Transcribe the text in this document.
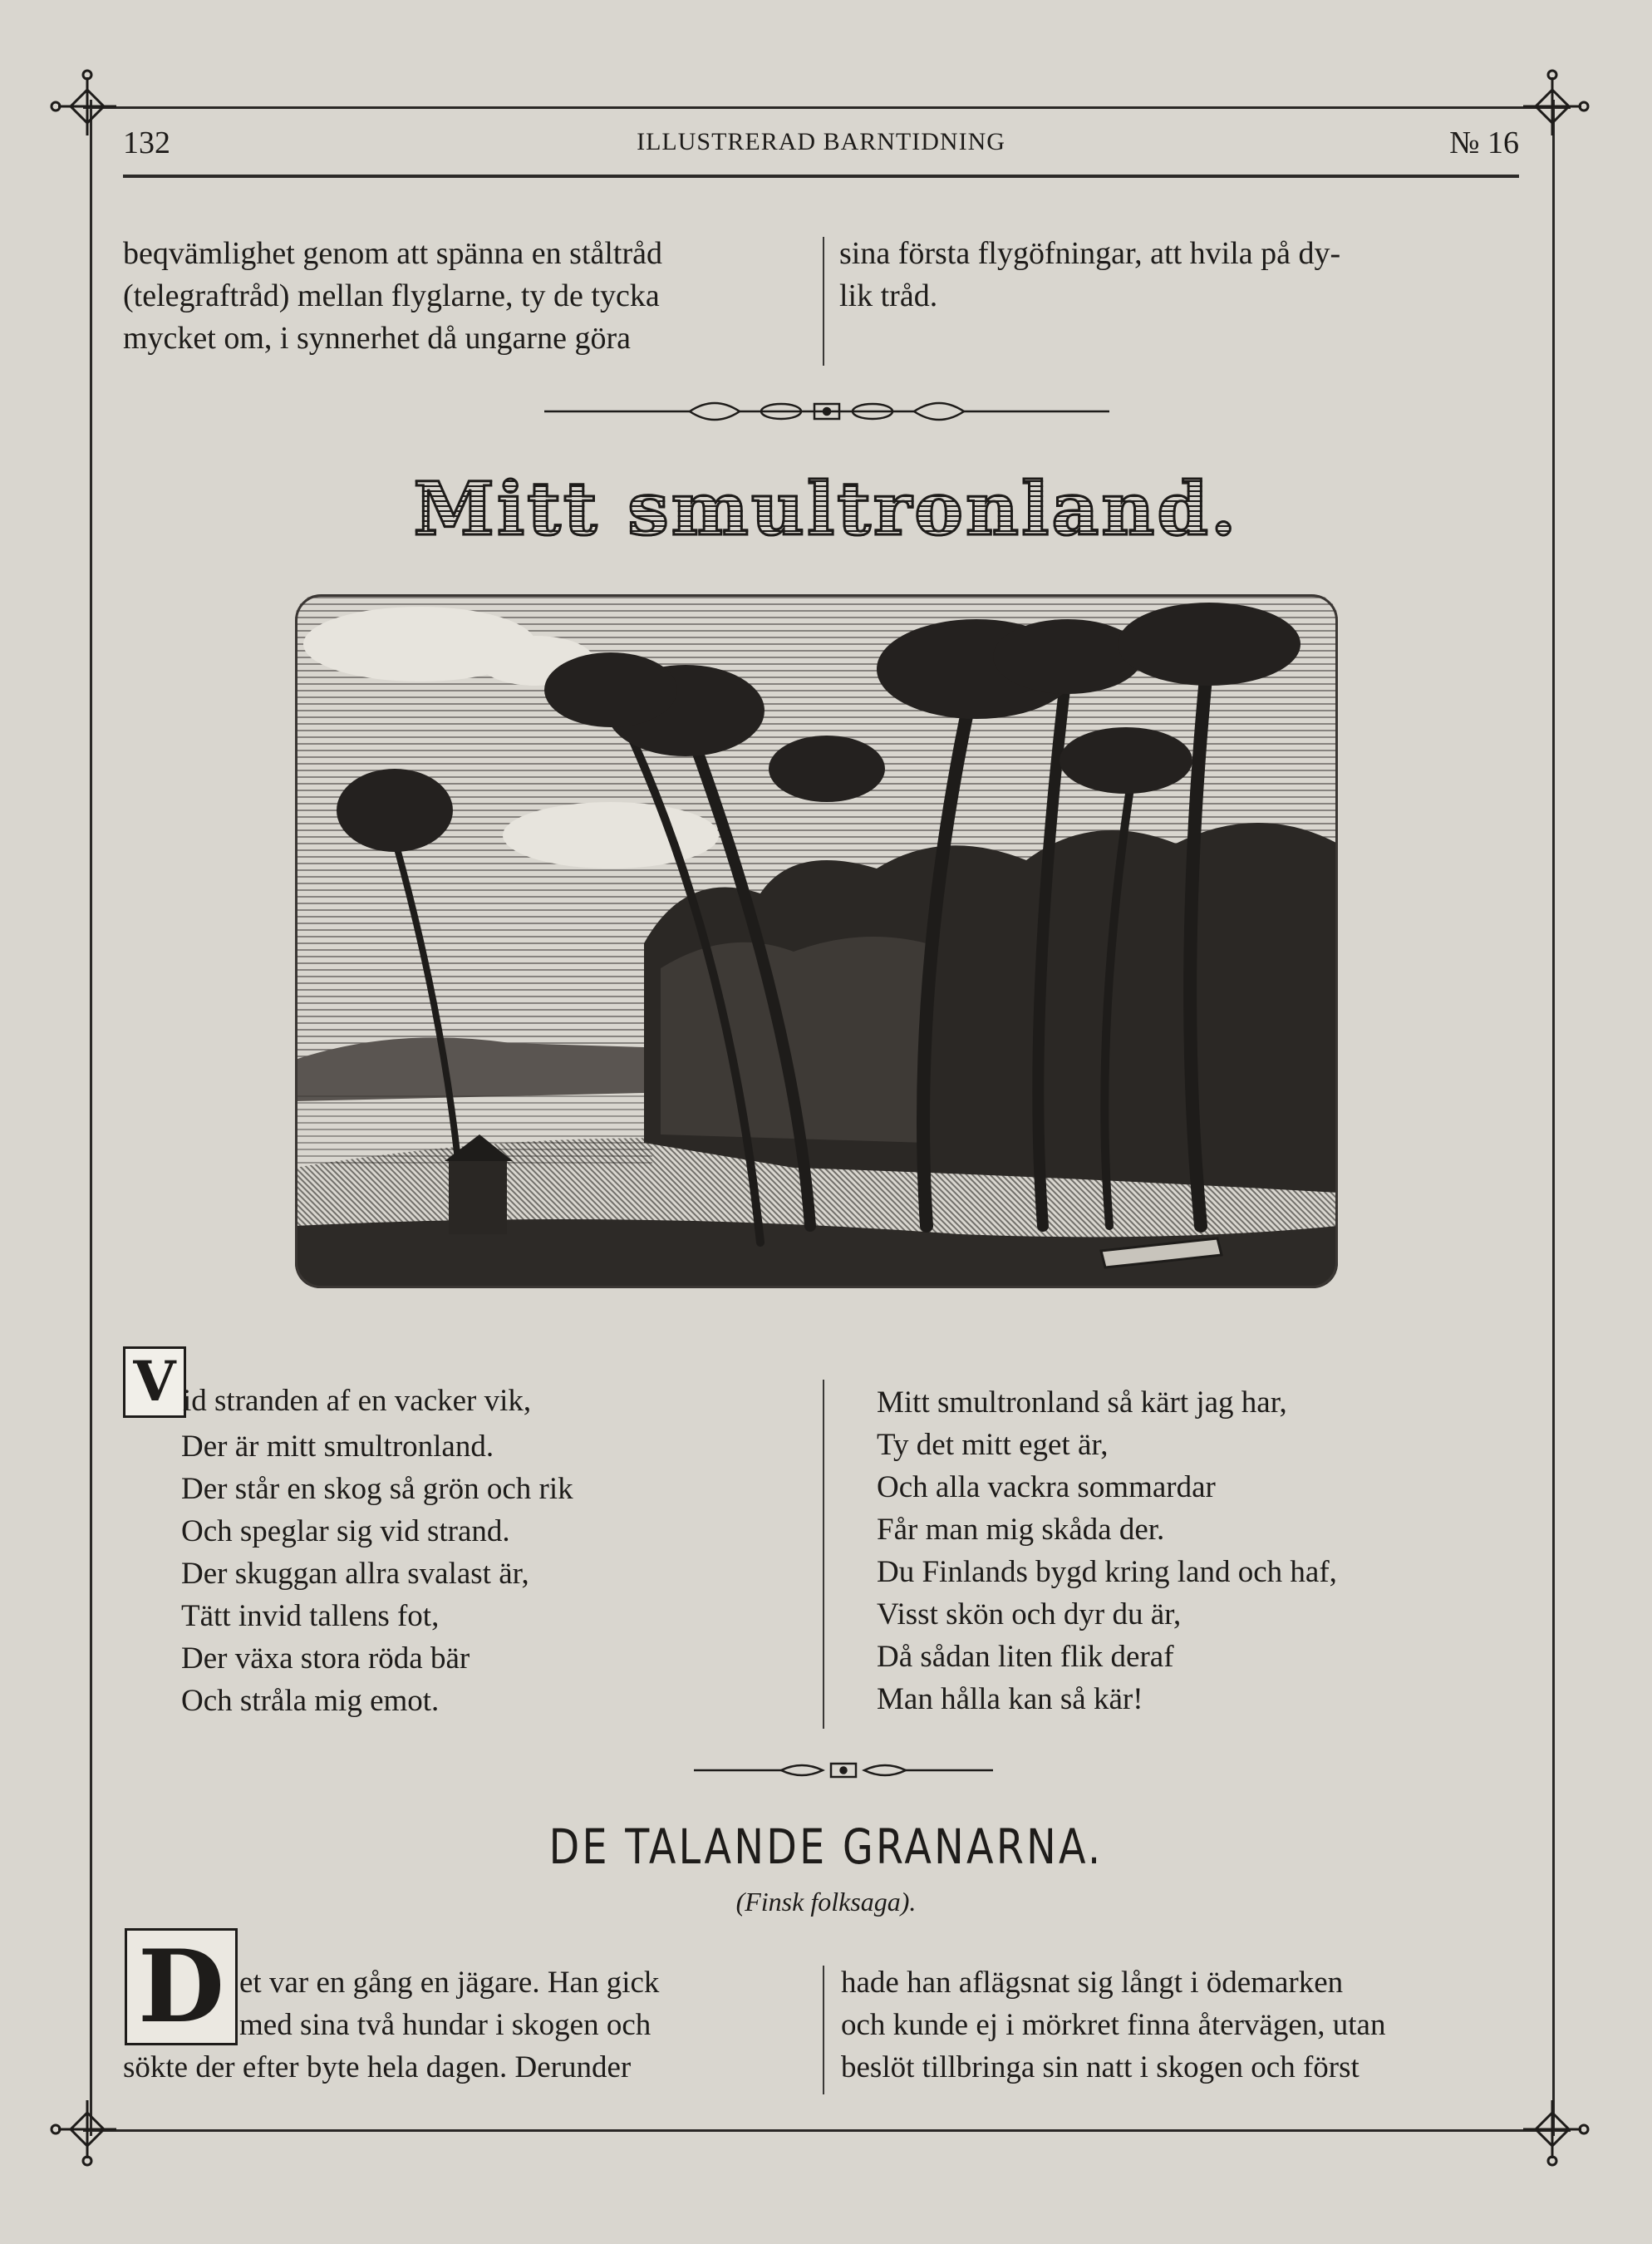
132	ILLUSTRERAD BARNTIDNING	№ 16
beqvämlighet genom att spänna en ståltråd
(telegraftråd) mellan flyglarne, ty de tycka
mycket om, i synnerhet då ungarne göra
sina första flygöfningar, att hvila på dy-
lik tråd.
Mitt smultronland.
V id stranden af en vacker vik,
Der är mitt smultronland.
Der står en skog så grön och rik
Och speglar sig vid strand.
Der skuggan allra svalast är,
Tätt invid tallens fot,
Der växa stora röda bär
Och stråla mig emot.
Mitt smultronland så kärt jag har,
Ty det mitt eget är,
Och alla vackra sommardar
Får man mig skåda der.
Du Finlands bygd kring land och haf,
Visst skön och dyr du är,
Då sådan liten flik deraf
Man hålla kan så kär!
DE TALANDE GRANARNA.
(Finsk folksaga).
D et var en gång en jägare. Han gick
med sina två hundar i skogen och
sökte der efter byte hela dagen. Derunder
hade han aflägsnat sig långt i ödemarken
och kunde ej i mörkret finna återvägen, utan
beslöt tillbringa sin natt i skogen och först
